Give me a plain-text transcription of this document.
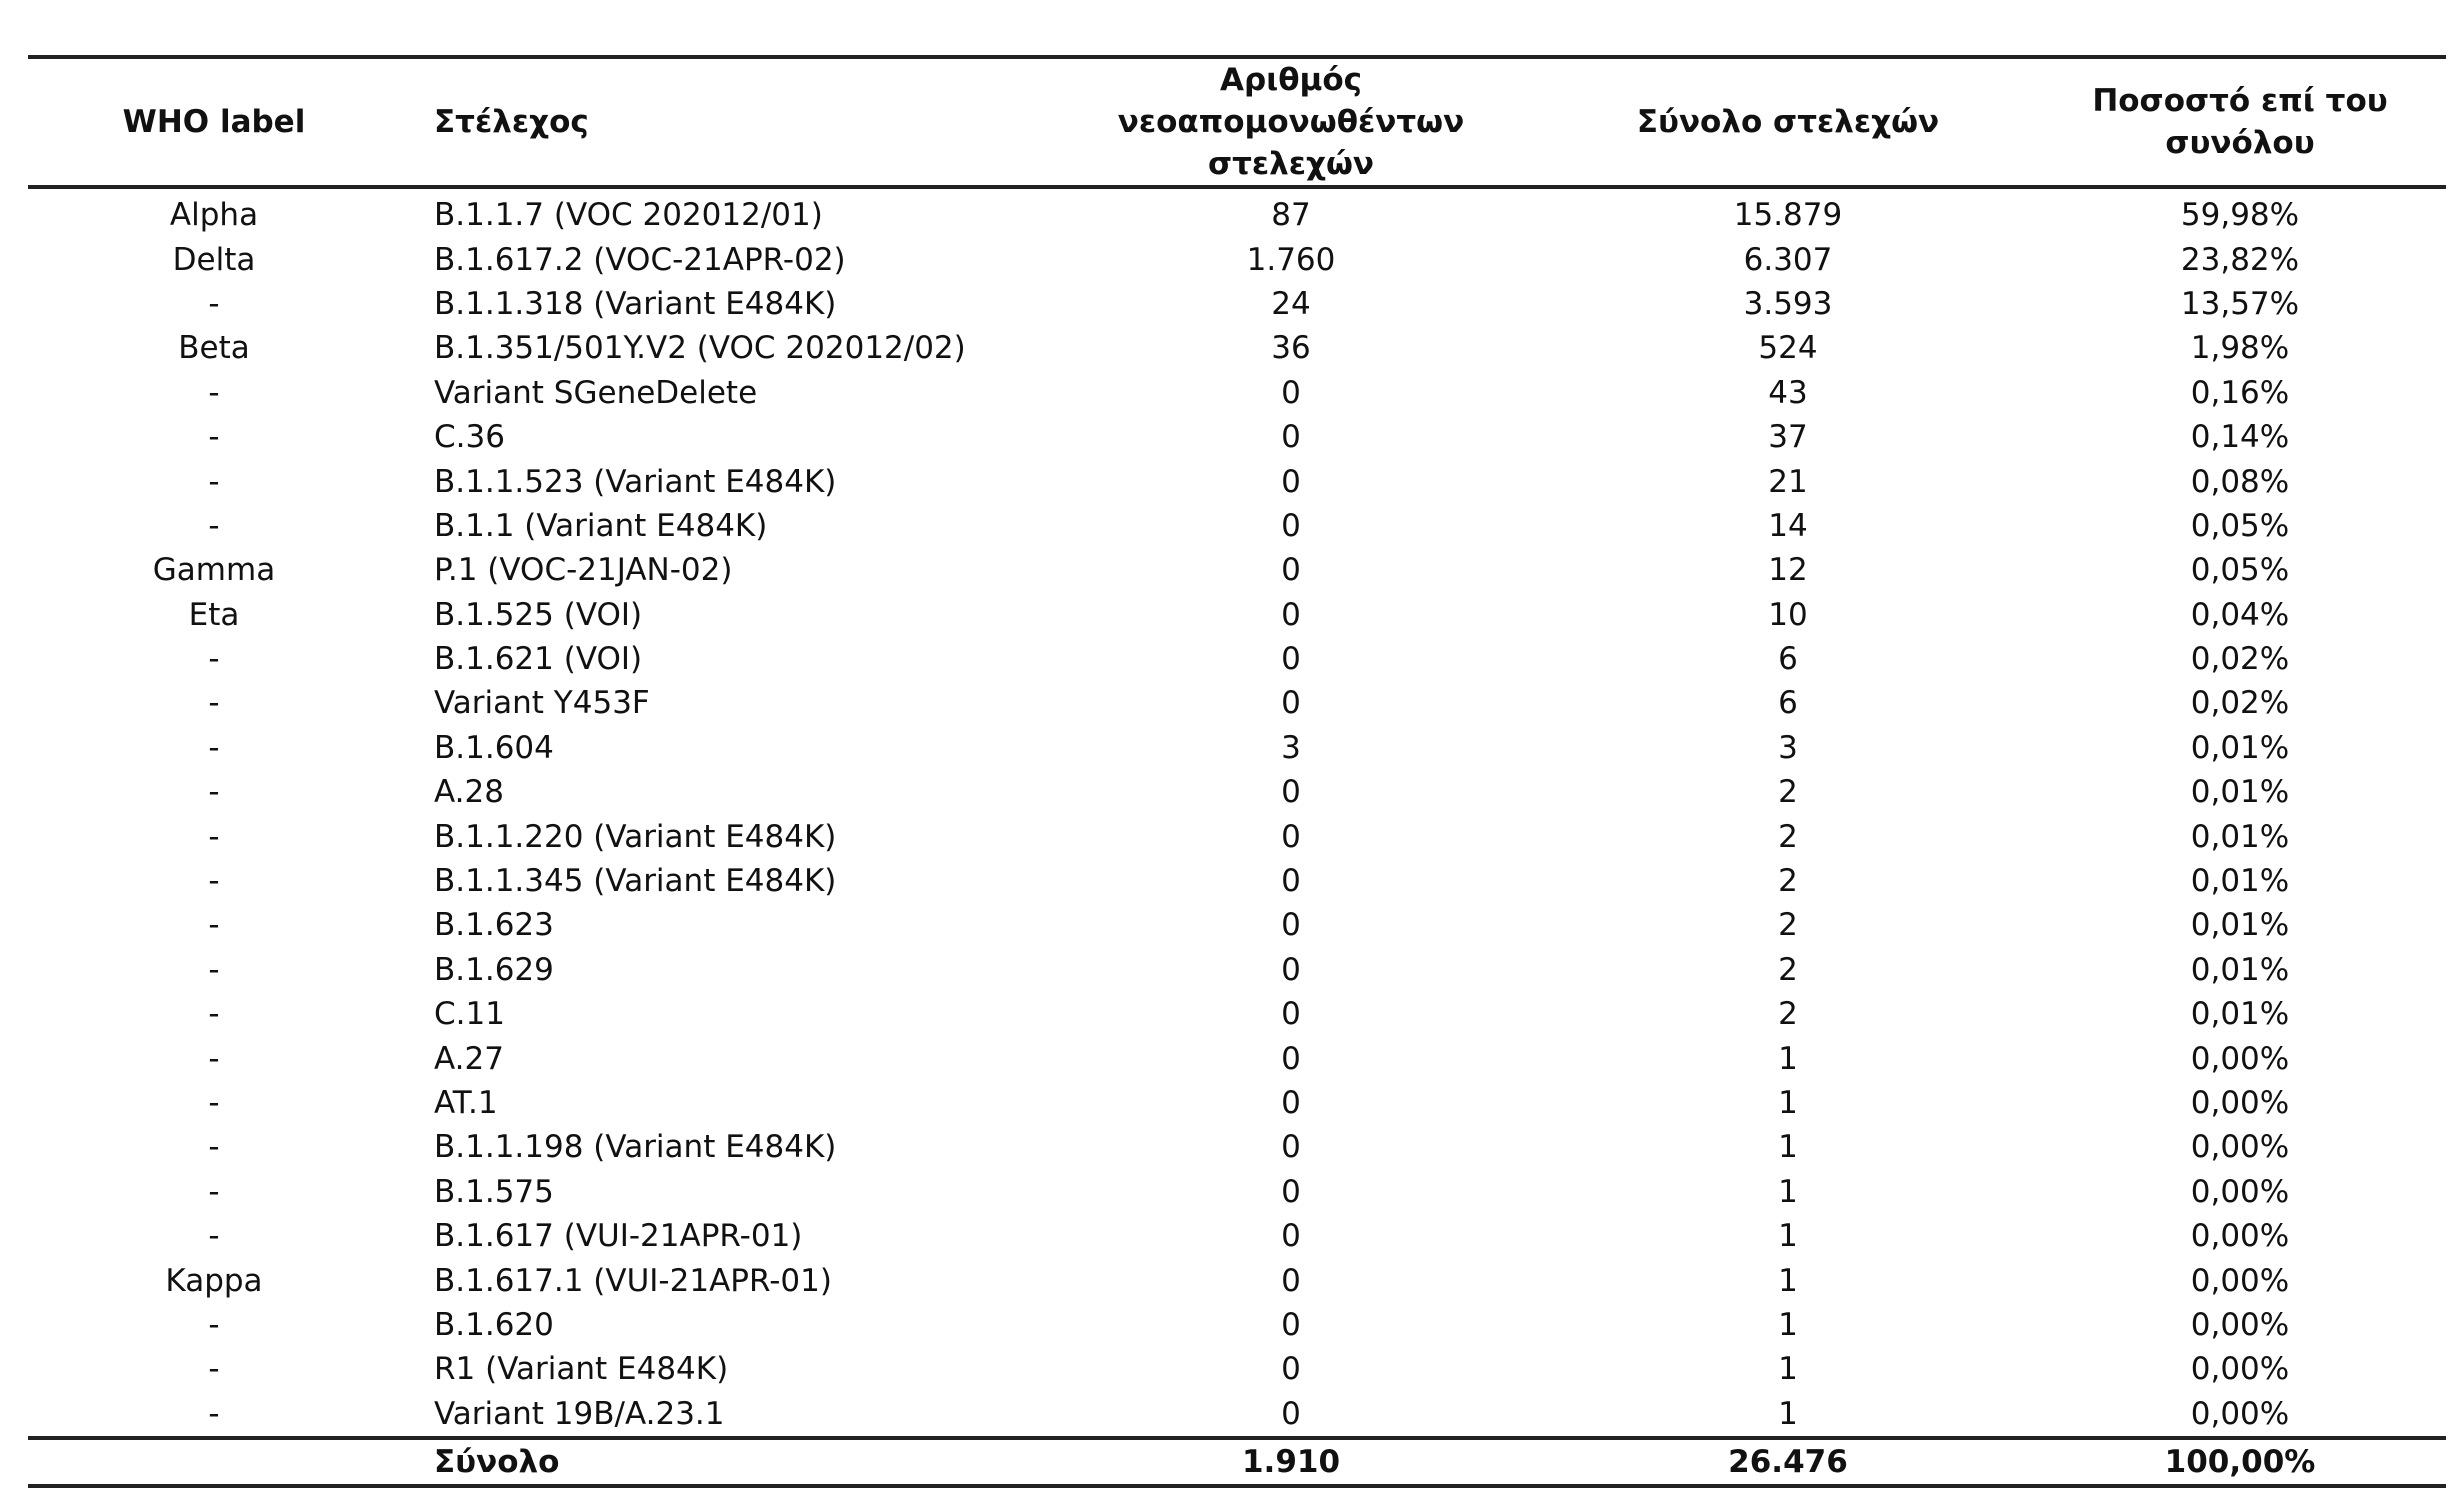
WHO label	Στέλεχος	Αριθμός νεοαπομονωθέντων στελεχών	Σύνολο στελεχών	Ποσοστό επί του συνόλου
Alpha	B.1.1.7 (VOC 202012/01)	87	15.879	59,98%
Delta	B.1.617.2 (VOC-21APR-02)	1.760	6.307	23,82%
-	B.1.1.318 (Variant E484K)	24	3.593	13,57%
Beta	B.1.351/501Y.V2 (VOC 202012/02)	36	524	1,98%
-	Variant SGeneDelete	0	43	0,16%
-	C.36	0	37	0,14%
-	B.1.1.523 (Variant E484K)	0	21	0,08%
-	B.1.1 (Variant E484K)	0	14	0,05%
Gamma	P.1 (VOC-21JAN-02)	0	12	0,05%
Eta	B.1.525 (VOI)	0	10	0,04%
-	B.1.621 (VOI)	0	6	0,02%
-	Variant Y453F	0	6	0,02%
-	B.1.604	3	3	0,01%
-	A.28	0	2	0,01%
-	B.1.1.220 (Variant E484K)	0	2	0,01%
-	B.1.1.345 (Variant E484K)	0	2	0,01%
-	B.1.623	0	2	0,01%
-	B.1.629	0	2	0,01%
-	C.11	0	2	0,01%
-	A.27	0	1	0,00%
-	AT.1	0	1	0,00%
-	B.1.1.198 (Variant E484K)	0	1	0,00%
-	B.1.575	0	1	0,00%
-	B.1.617 (VUI-21APR-01)	0	1	0,00%
Kappa	B.1.617.1 (VUI-21APR-01)	0	1	0,00%
-	B.1.620	0	1	0,00%
-	R1 (Variant E484K)	0	1	0,00%
-	Variant 19B/A.23.1	0	1	0,00%
	Σύνολο	1.910	26.476	100,00%
